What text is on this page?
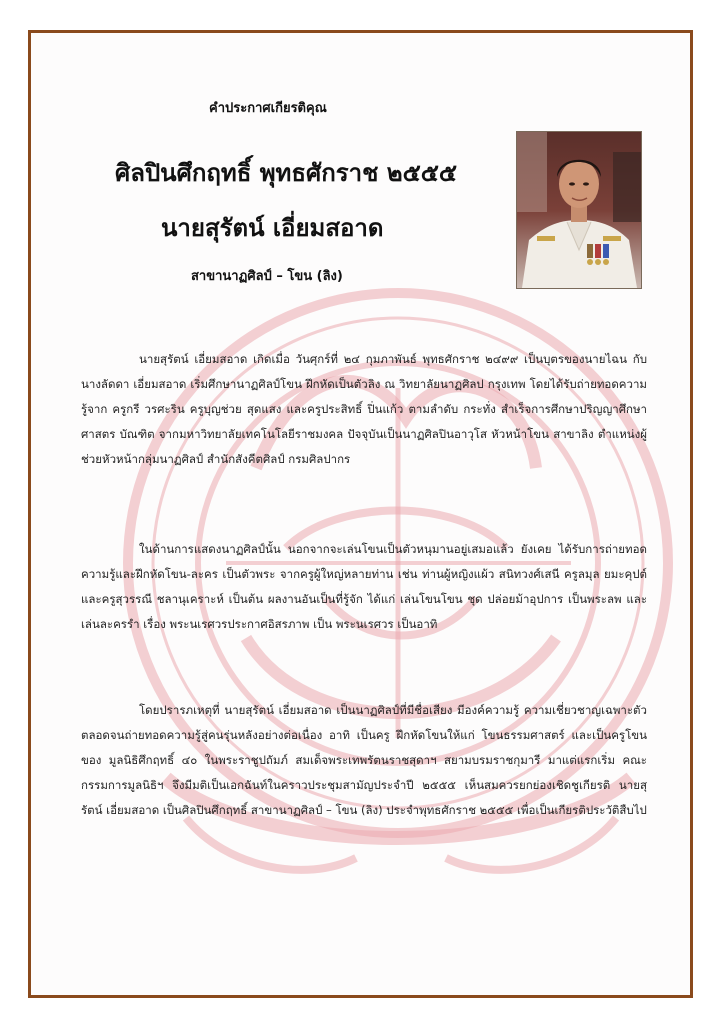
คำประกาศเกียรติคุณ
ศิลปินศึกฤทธิ์ พุทธศักราช ๒๕๕๕
นายสุรัตน์ เอี่ยมสอาด
สาขานาฏศิลป์ – โขน (ลิง)

นายสุรัตน์ เอี่ยมสอาด เกิดเมื่อ วันศุกร์ที่ ๒๔ กุมภาพันธ์ พุทธศักราช ๒๔๙๙ เป็นบุตรของนายไฉน กับนางลัดดา เอี่ยมสอาด เริ่มศึกษานาฏศิลป์โขน ฝึกหัดเป็นตัวลิง ณ วิทยาลัยนาฏศิลป กรุงเทพ โดยได้รับถ่ายทอดความรู้จาก ครูกรี วรศะริน ครูบุญช่วย สุดแสง และครูประสิทธิ์ ปิ่นแก้ว ตามลำดับ กระทั่ง สำเร็จการศึกษาปริญญาศึกษาศาสตร บัณฑิต จากมหาวิทยาลัยเทคโนโลยีราชมงคล ปัจจุบันเป็นนาฏศิลปินอาวุโส หัวหน้าโขน สาขาลิง ตำแหน่งผู้ช่วยหัวหน้ากลุ่มนาฏศิลป์ สำนักสังคีตศิลป์ กรมศิลปากร

ในด้านการแสดงนาฏศิลป์นั้น นอกจากจะเล่นโขนเป็นตัวหนุมานอยู่เสมอแล้ว ยังเคย ได้รับการถ่ายทอดความรู้และฝึกหัดโขน-ละคร เป็นตัวพระ จากครูผู้ใหญ่หลายท่าน เช่น ท่านผู้หญิงแผ้ว สนิทวงศ์เสนี ครูลมุล ยมะคุปต์ และครูสุวรรณี ชลานุเคราะห์ เป็นต้น ผลงานอันเป็นที่รู้จัก ได้แก่ เล่นโขนโขน ชุด ปล่อยม้าอุปการ เป็นพระลพ และเล่นละครรำ เรื่อง พระนเรศวรประกาศอิสรภาพ เป็น พระนเรศวร เป็นอาทิ

โดยปรารภเหตุที่ นายสุรัตน์ เอี่ยมสอาด เป็นนาฏศิลป์ที่มีชื่อเสียง มีองค์ความรู้ ความเชี่ยวชาญเฉพาะตัว ตลอดจนถ่ายทอดความรู้สู่คนรุ่นหลังอย่างต่อเนื่อง อาทิ เป็นครู ฝึกหัดโขนให้แก่ โขนธรรมศาสตร์ และเป็นครูโขนของ มูลนิธิศึกฤทธิ์ ๔๐ ในพระราชูปถัมภ์ สมเด็จพระเทพรัตนราชสุดาฯ สยามบรมราชกุมารี มาแต่แรกเริ่ม คณะกรรมการมูลนิธิฯ จึงมีมติเป็นเอกฉันท์ในคราวประชุมสามัญประจำปี ๒๕๕๕ เห็นสมควรยกย่องเชิดชูเกียรติ นายสุรัตน์ เอี่ยมสอาด เป็นศิลปินศึกฤทธิ์ สาขานาฏศิลป์ – โขน (ลิง) ประจำพุทธศักราช ๒๕๕๕ เพื่อเป็นเกียรติประวัติสืบไป
